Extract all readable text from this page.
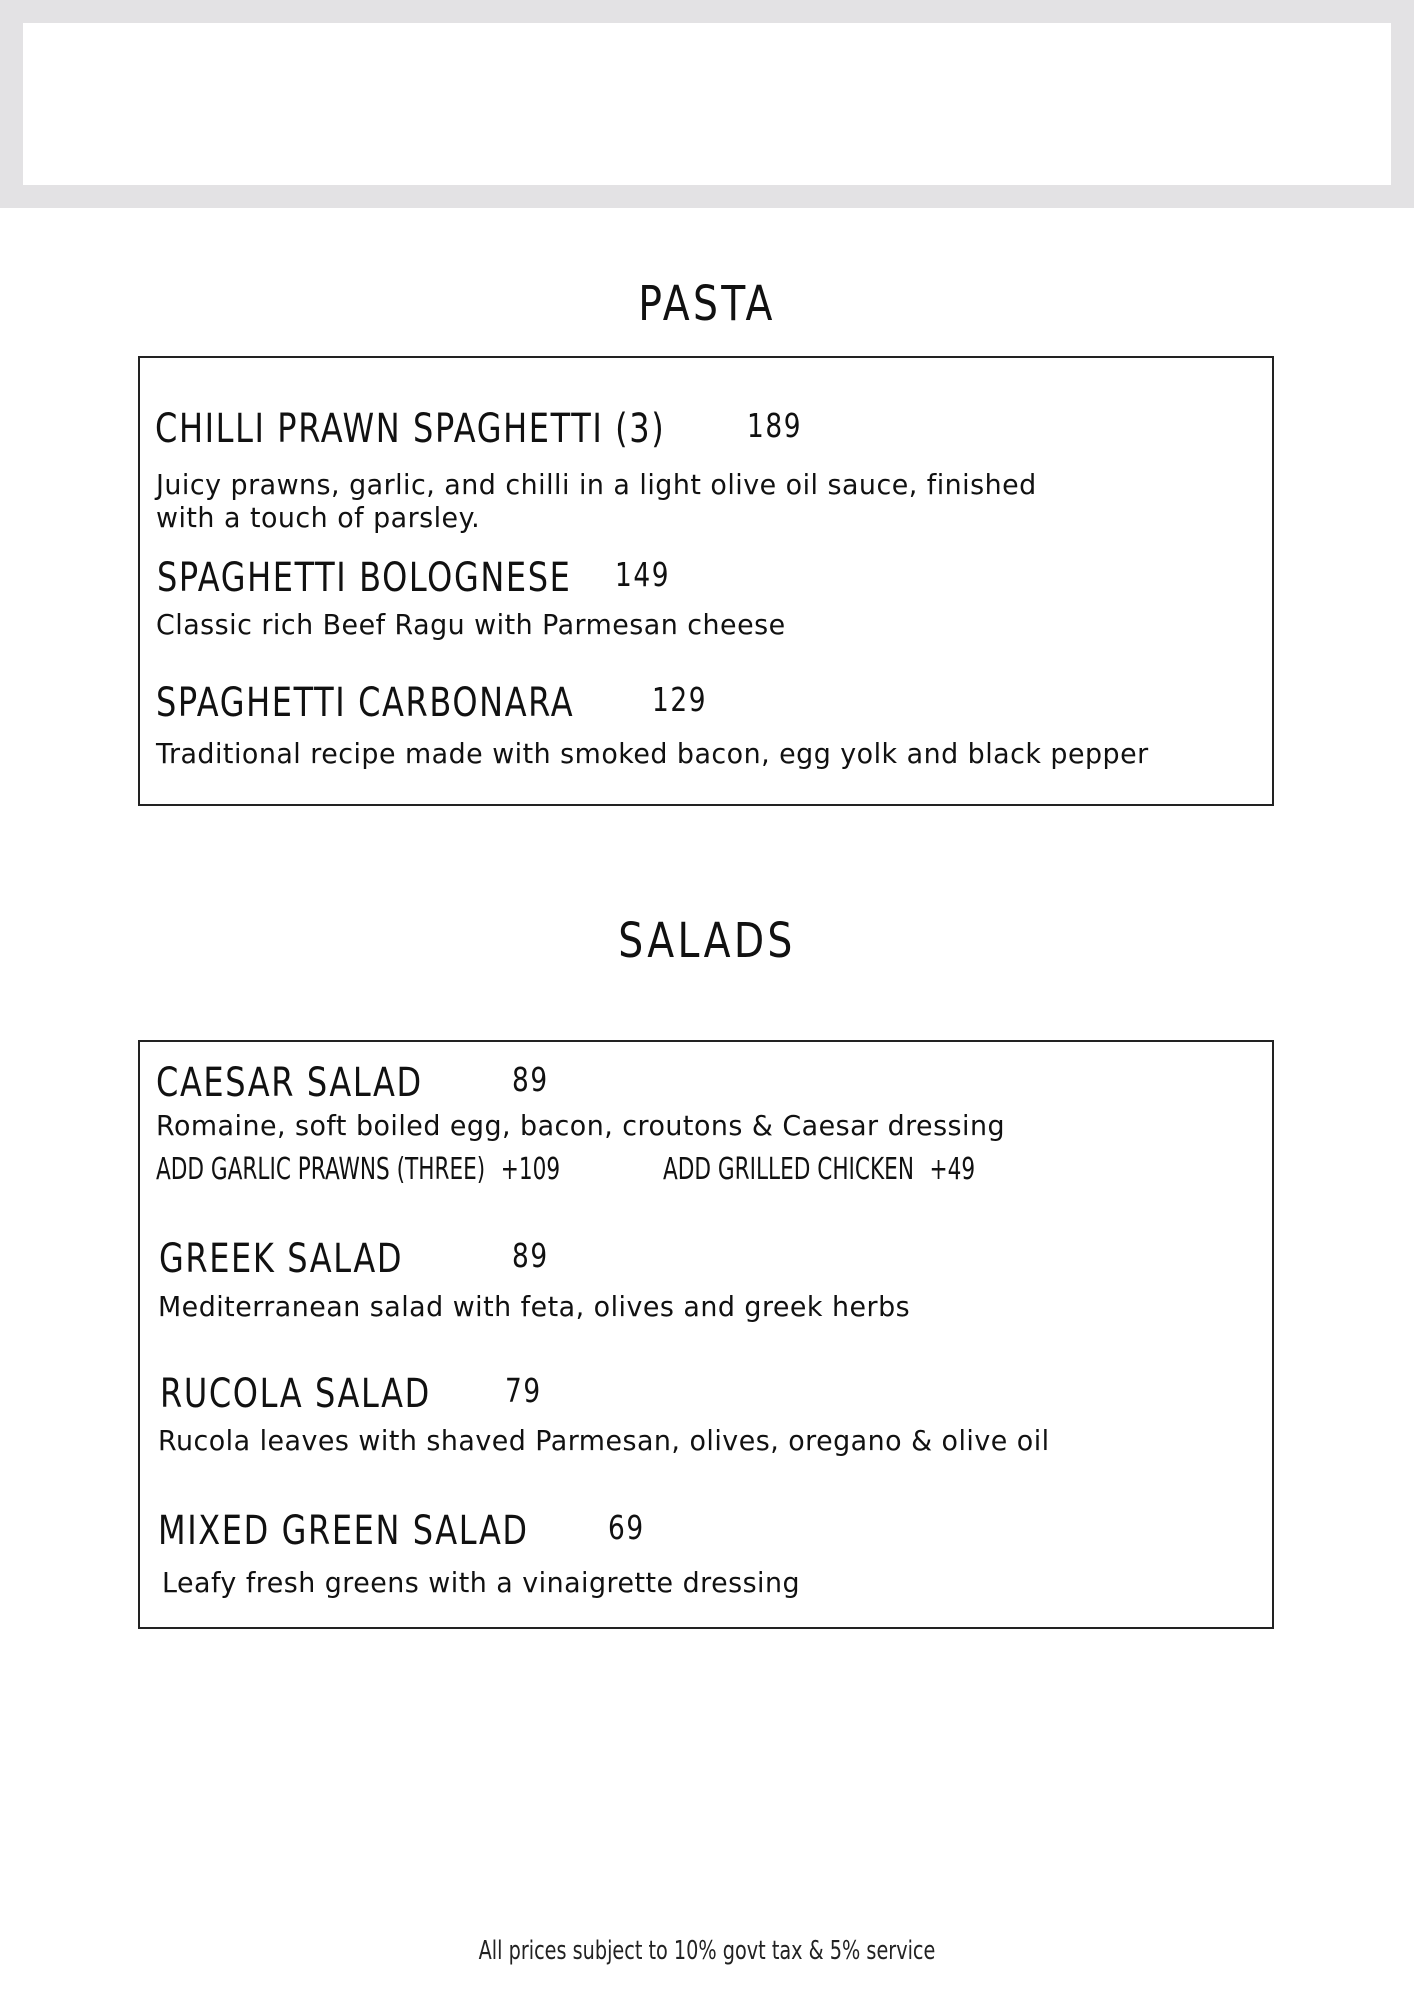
PASTA
CHILLI PRAWN SPAGHETTI (3) 189
Juicy prawns, garlic, and chilli in a light olive oil sauce, finished
with a touch of parsley.
SPAGHETTI BOLOGNESE 149
Classic rich Beef Ragu with Parmesan cheese
SPAGHETTI CARBONARA 129
Traditional recipe made with smoked bacon, egg yolk and black pepper
SALADS
CAESAR SALAD	89
Romaine, soft boiled egg, bacon, croutons & Caesar dressing
ADD GARLIC PRAWNS (THREE) +109	ADD GRILLED CHICKEN +49
GREEK SALAD	89
Mediterranean salad with feta, olives and greek herbs
RUCOLA SALAD 79
Rucola leaves with shaved Parmesan, olives, oregano & olive oil
MIXED GREEN SALAD 69
Leafy fresh greens with a vinaigrette dressing
All prices subject to 10% govt tax & 5% service
